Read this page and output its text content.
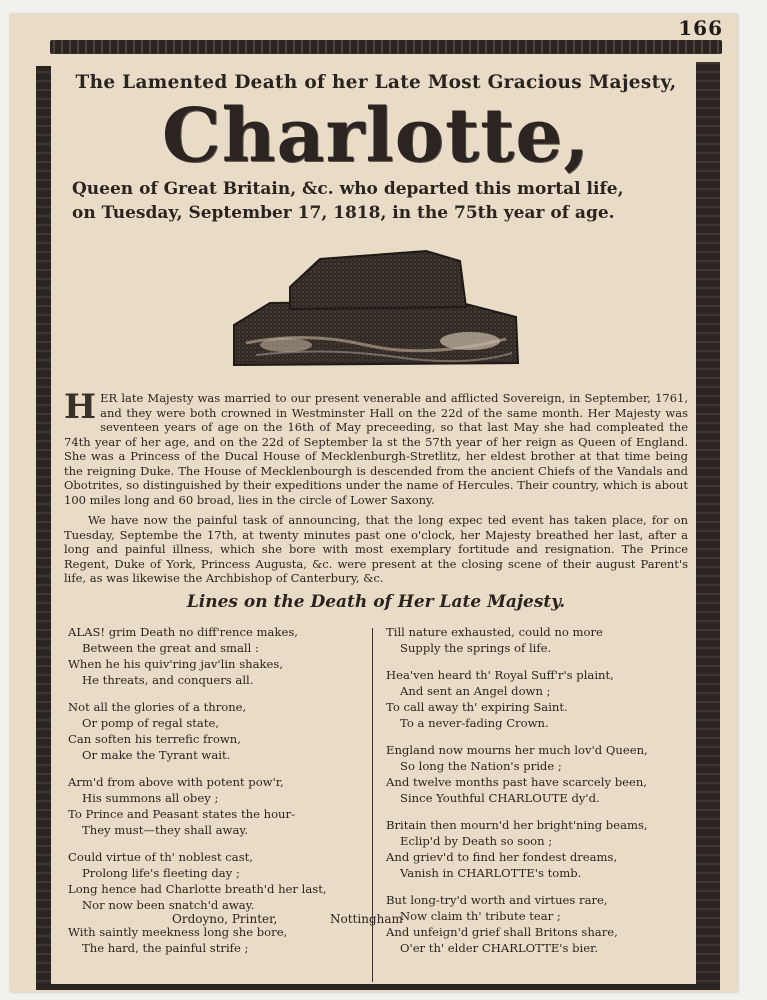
166
The Lamented Death of her Late Most Gracious Majesty,
Charlotte,
Queen of Great Britain, &c. who departed this mortal life,
on Tuesday, September 17, 1818, in the 75th year of age.

HER late Majesty was married to our present venerable and afflicted Sovereign, in September, 1761, and they were both crowned in Westminster Hall on the 22d of the same month. Her Majesty was seventeen years of age on the 16th of May preceeding, so that last May she had compleated the 74th year of her age, and on the 22d of September la st the 57th year of her reign as Queen of England. She was a Princess of the Ducal House of Mecklenburgh-Stretlitz, her eldest brother at that time being the reigning Duke. The House of Mecklenbourgh is descended from the ancient Chiefs of the Vandals and Obotrites, so distinguished by their expeditions under the name of Hercules. Their country, which is about 100 miles long and 60 broad, lies in the circle of Lower Saxony.

We have now the painful task of announcing, that the long expec ted event has taken place, for on Tuesday, Septembe the 17th, at twenty minutes past one o'clock, her Majesty breathed her last, after a long and painful illness, which she bore with most exemplary fortitude and resignation. The Prince Regent, Duke of York, Princess Augusta, &c. were present at the closing scene of their august Parent's life, as was likewise the Archbishop of Canterbury, &c.

Lines on the Death of Her Late Majesty.
ALAS! grim Death no diff'rence makes,
Between the great and small :
When he his quiv'ring jav'lin shakes,
He threats, and conquers all.
Not all the glories of a throne,
Or pomp of regal state,
Can soften his terrefic frown,
Or make the Tyrant wait.
Arm'd from above with potent pow'r,
His summons all obey ;
To Prince and Peasant states the hour-
They must—they shall away.
Could virtue of th' noblest cast,
Prolong life's fleeting day ;
Long hence had Charlotte breath'd her last,
Nor now been snatch'd away.
With saintly meekness long she bore,
The hard, the painful strife ;
Till nature exhausted, could no more
Supply the springs of life.
Hea'ven heard th' Royal Suff'r's plaint,
And sent an Angel down ;
To call away th' expiring Saint.
To a never-fading Crown.
England now mourns her much lov'd Queen,
So long the Nation's pride ;
And twelve months past have scarcely been,
Since Youthful CHARLOUTE dy'd.
Britain then mourn'd her bright'ning beams,
Eclip'd by Death so soon ;
And griev'd to find her fondest dreams,
Vanish in CHARLOTTE's tomb.
But long-try'd worth and virtues rare,
Now claim th' tribute tear ;
And unfeign'd grief shall Britons share,
O'er th' elder CHARLOTTE's bier.
Ordoyno, Printer,	Nottingham
